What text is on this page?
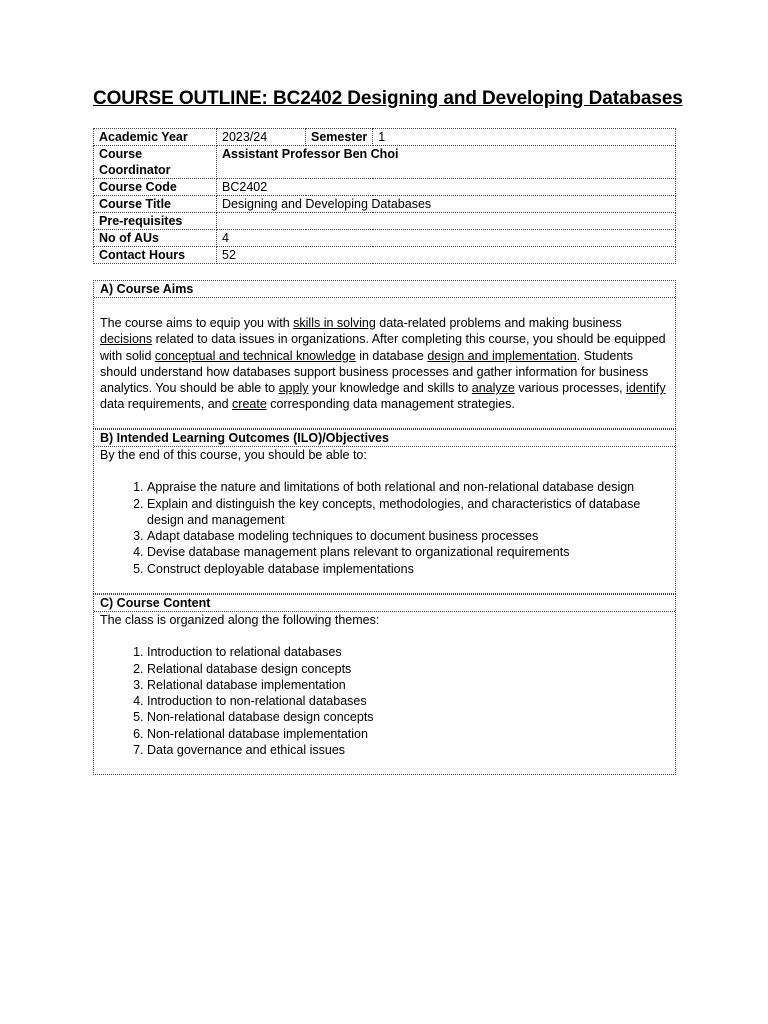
COURSE OUTLINE: BC2402 Designing and Developing Databases
Academic Year	2023/24	Semester	1
Course Coordinator	Assistant Professor Ben Choi		
Course Code	BC2402		
Course Title	Designing and Developing Databases		
Pre-requisites			
No of AUs	4		
Contact Hours	52		
A) Course Aims
The course aims to equip you with skills in solving data-related problems and making business decisions related to data issues in organizations. After completing this course, you should be equipped with solid conceptual and technical knowledge in database design and implementation. Students should understand how databases support business processes and gather information for business analytics. You should be able to apply your knowledge and skills to analyze various processes, identify data requirements, and create corresponding data management strategies.
B) Intended Learning Outcomes (ILO)/Objectives
By the end of this course, you should be able to:
1. Appraise the nature and limitations of both relational and non-relational database design
2. Explain and distinguish the key concepts, methodologies, and characteristics of database design and management
3. Adapt database modeling techniques to document business processes
4. Devise database management plans relevant to organizational requirements
5. Construct deployable database implementations
C) Course Content
The class is organized along the following themes:
1. Introduction to relational databases
2. Relational database design concepts
3. Relational database implementation
4. Introduction to non-relational databases
5. Non-relational database design concepts
6. Non-relational database implementation
7. Data governance and ethical issues
